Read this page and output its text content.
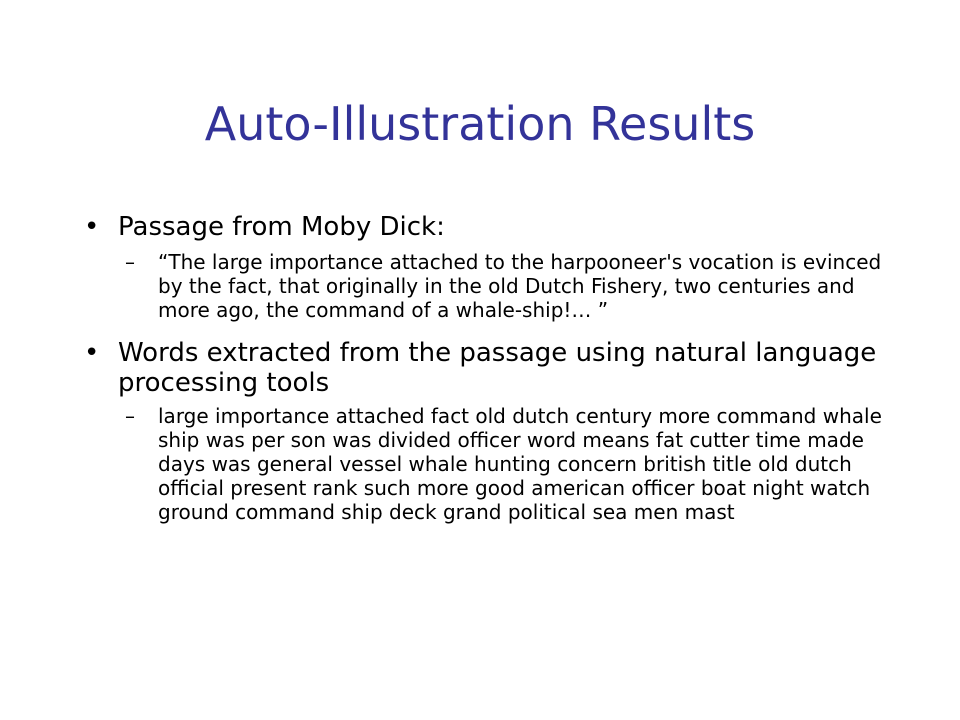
Auto-Illustration Results
• Passage from Moby Dick:
– “The large importance attached to the harpooneer's vocation is evinced by the fact, that originally in the old Dutch Fishery, two centuries and more ago, the command of a whale-ship!… ”
• Words extracted from the passage using natural language processing tools
– large importance attached fact old dutch century more command whale ship was per son was divided officer word means fat cutter time made days was general vessel whale hunting concern british title old dutch official present rank such more good american officer boat night watch ground command ship deck grand political sea men mast
